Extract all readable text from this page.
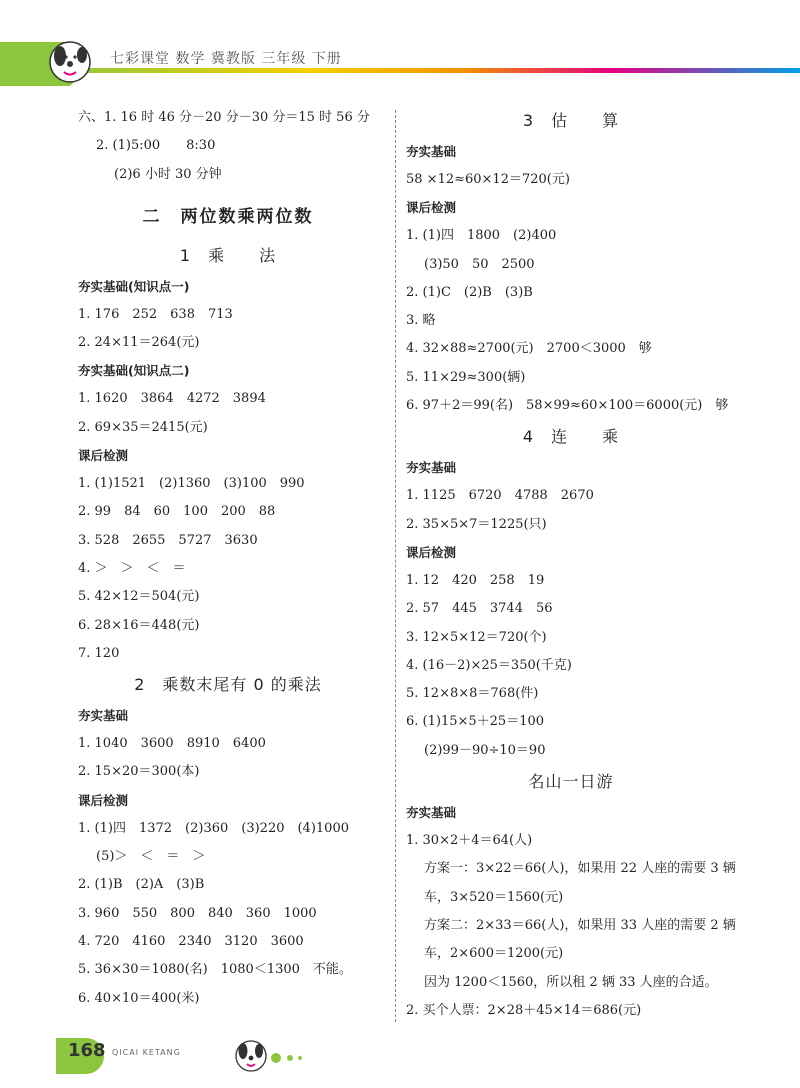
七彩课堂 数学 冀教版 三年级 下册
六、1. 16 时 46 分－20 分－30 分＝15 时 56 分
2. (1)5:00　　8:30
(2)6 小时 30 分钟
二　两位数乘两位数
1　乘　　法
夯实基础(知识点一)
1. 176　252　638　713
2. 24×11＝264(元)
夯实基础(知识点二)
1. 1620　3864　4272　3894
2. 69×35＝2415(元)
课后检测
1. (1)1521　(2)1360　(3)100　990
2. 99　84　60　100　200　88
3. 528　2655　5727　3630
4. ＞　＞　＜　＝
5. 42×12＝504(元)
6. 28×16＝448(元)
7. 120
2　乘数末尾有 0 的乘法
夯实基础
1. 1040　3600　8910　6400
2. 15×20＝300(本)
课后检测
1. (1)四　1372　(2)360　(3)220　(4)1000
(5)＞　＜　＝　＞
2. (1)B　(2)A　(3)B
3. 960　550　800　840　360　1000
4. 720　4160　2340　3120　3600
5. 36×30＝1080(名)　1080＜1300　不能。
6. 40×10＝400(米)
3　估　　算
夯实基础
58 ×12≈60×12＝720(元)
课后检测
1. (1)四　1800　(2)400
(3)50　50　2500
2. (1)C　(2)B　(3)B
3. 略
4. 32×88≈2700(元)　2700＜3000　够
5. 11×29≈300(辆)
6. 97＋2＝99(名)　58×99≈60×100＝6000(元)　够
4　连　　乘
夯实基础
1. 1125　6720　4788　2670
2. 35×5×7＝1225(只)
课后检测
1. 12　420　258　19
2. 57　445　3744　56
3. 12×5×12＝720(个)
4. (16－2)×25＝350(千克)
5. 12×8×8＝768(件)
6. (1)15×5＋25＝100
(2)99－90÷10＝90
名山一日游
夯实基础
1. 30×2＋4＝64(人)
方案一：3×22＝66(人)，如果用 22 人座的需要 3 辆
车，3×520＝1560(元)
方案二：2×33＝66(人)，如果用 33 人座的需要 2 辆
车，2×600＝1200(元)
因为 1200＜1560，所以租 2 辆 33 人座的合适。
2. 买个人票：2×28＋45×14＝686(元)
168 QICAI KETANG
